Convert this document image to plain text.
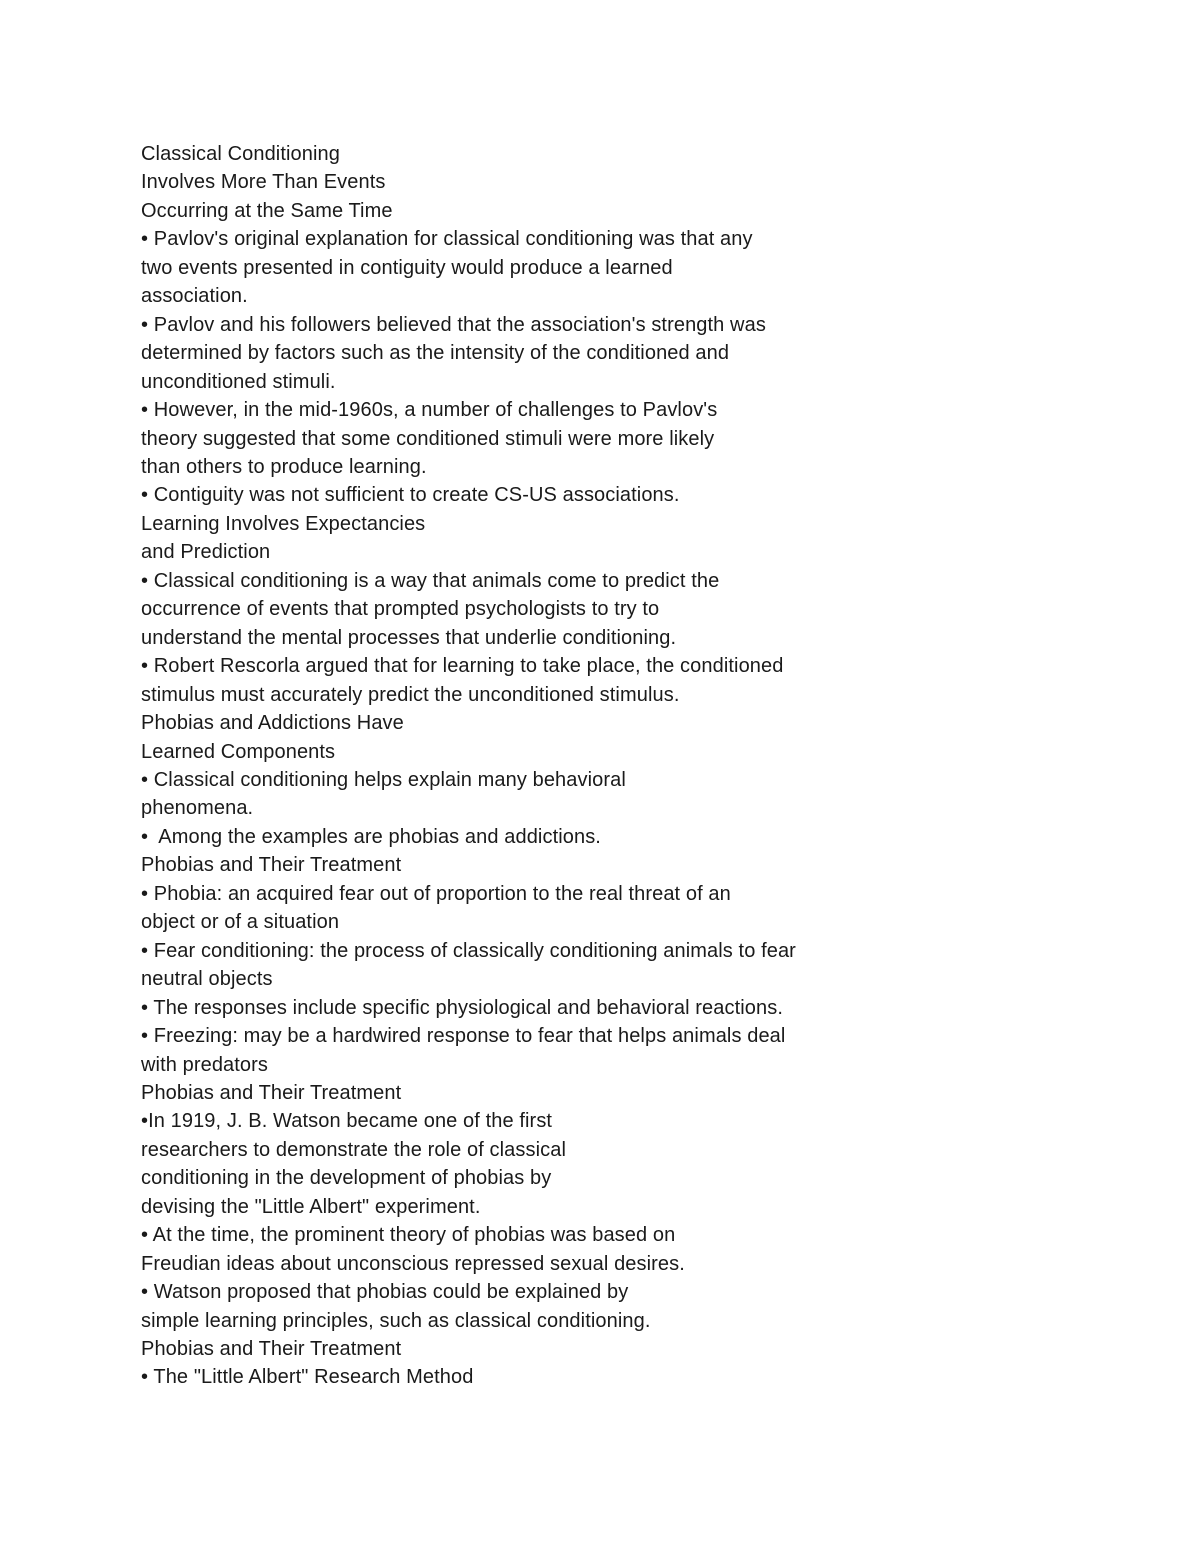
Classical Conditioning
Involves More Than Events
Occurring at the Same Time
• Pavlov's original explanation for classical conditioning was that any
two events presented in contiguity would produce a learned
association.
• Pavlov and his followers believed that the association's strength was
determined by factors such as the intensity of the conditioned and
unconditioned stimuli.
• However, in the mid-1960s, a number of challenges to Pavlov's
theory suggested that some conditioned stimuli were more likely
than others to produce learning.
• Contiguity was not sufficient to create CS-US associations.
Learning Involves Expectancies
and Prediction
• Classical conditioning is a way that animals come to predict the
occurrence of events that prompted psychologists to try to
understand the mental processes that underlie conditioning.
• Robert Rescorla argued that for learning to take place, the conditioned
stimulus must accurately predict the unconditioned stimulus.
Phobias and Addictions Have
Learned Components
• Classical conditioning helps explain many behavioral
phenomena.
•  Among the examples are phobias and addictions.
Phobias and Their Treatment
• Phobia: an acquired fear out of proportion to the real threat of an
object or of a situation
• Fear conditioning: the process of classically conditioning animals to fear
neutral objects
• The responses include specific physiological and behavioral reactions.
• Freezing: may be a hardwired response to fear that helps animals deal
with predators
Phobias and Their Treatment
•In 1919, J. B. Watson became one of the first
researchers to demonstrate the role of classical
conditioning in the development of phobias by
devising the "Little Albert" experiment.
• At the time, the prominent theory of phobias was based on
Freudian ideas about unconscious repressed sexual desires.
• Watson proposed that phobias could be explained by
simple learning principles, such as classical conditioning.
Phobias and Their Treatment
• The "Little Albert" Research Method
